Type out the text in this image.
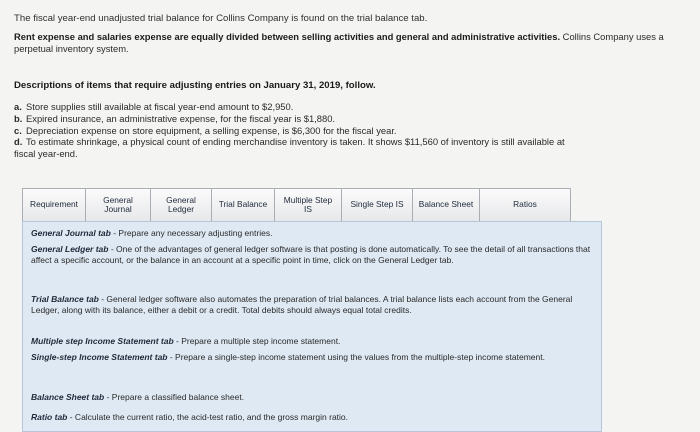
The fiscal year-end unadjusted trial balance for Collins Company is found on the trial balance tab.
Rent expense and salaries expense are equally divided between selling activities and general and administrative activities. Collins Company uses a perpetual inventory system.
Descriptions of items that require adjusting entries on January 31, 2019, follow.
a. Store supplies still available at fiscal year-end amount to $2,950.
b. Expired insurance, an administrative expense, for the fiscal year is $1,880.
c. Depreciation expense on store equipment, a selling expense, is $6,300 for the fiscal year.
d. To estimate shrinkage, a physical count of ending merchandise inventory is taken. It shows $11,560 of inventory is still available at
fiscal year-end.
Requirement	General
Journal
General
Ledger	Trial Balance Multiple Step
IS	Single Step IS Balance Sheet	Ratios
General Journal tab - Prepare any necessary adjusting entries.
General Ledger tab - One of the advantages of general ledger software is that posting is done automatically. To see the detail of all transactions that affect a specific account, or the balance in an account at a specific point in time, click on the General Ledger tab.
Trial Balance tab - General ledger software also automates the preparation of trial balances. A trial balance lists each account from the General Ledger, along with its balance, either a debit or a credit. Total debits should always equal total credits.
Multiple step Income Statement tab - Prepare a multiple step income statement.
Single-step Income Statement tab - Prepare a single-step income statement using the values from the multiple-step income statement.
Balance Sheet tab - Prepare a classified balance sheet.
Ratio tab - Calculate the current ratio, the acid-test ratio, and the gross margin ratio.
